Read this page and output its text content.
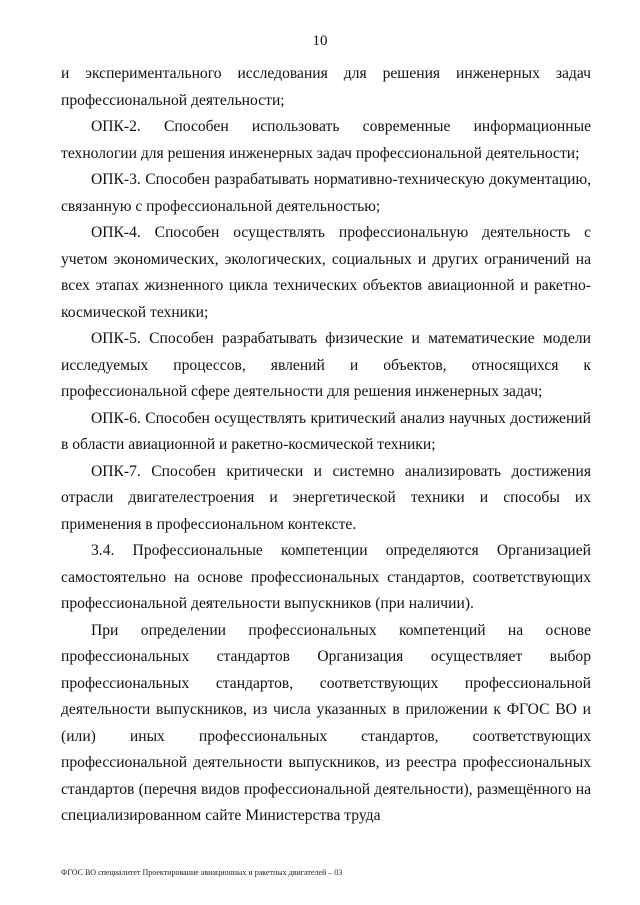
10

и экспериментального исследования для решения инженерных задач профессиональной деятельности;

ОПК-2. Способен использовать современные информационные технологии для решения инженерных задач профессиональной деятельности;

ОПК-3. Способен разрабатывать нормативно-техническую документацию, связанную с профессиональной деятельностью;

ОПК-4. Способен осуществлять профессиональную деятельность с учетом экономических, экологических, социальных и других ограничений на всех этапах жизненного цикла технических объектов авиационной и ракетно-космической техники;

ОПК-5. Способен разрабатывать физические и математические модели исследуемых процессов, явлений и объектов, относящихся к профессиональной сфере деятельности для решения инженерных задач;

ОПК-6. Способен осуществлять критический анализ научных достижений в области авиационной и ракетно-космической техники;

ОПК-7. Способен критически и системно анализировать достижения отрасли двигателестроения и энергетической техники и способы их применения в профессиональном контексте.

3.4. Профессиональные компетенции определяются Организацией самостоятельно на основе профессиональных стандартов, соответствующих профессиональной деятельности выпускников (при наличии).

При определении профессиональных компетенций на основе профессиональных стандартов Организация осуществляет выбор профессиональных стандартов, соответствующих профессиональной деятельности выпускников, из числа указанных в приложении к ФГОС ВО и (или) иных профессиональных стандартов, соответствующих профессиональной деятельности выпускников, из реестра профессиональных стандартов (перечня видов профессиональной деятельности), размещённого на специализированном сайте Министерства труда

ФГОС ВО специалитет Проектирование авиационных и ракетных двигателей – 03
